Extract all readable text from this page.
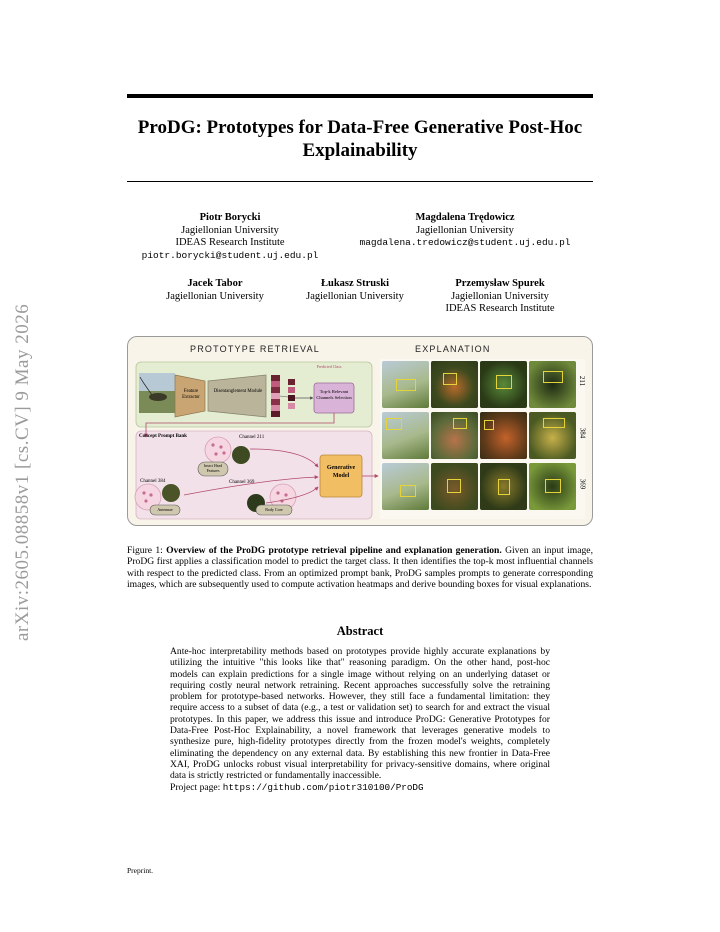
arXiv:2605.08858v1 [cs.CV] 9 May 2026
ProDG: Prototypes for Data-Free Generative Post-Hoc Explainability
Piotr Borycki
Jagiellonian University
IDEAS Research Institute
piotr.borycki@student.uj.edu.pl
Magdalena Trędowicz
Jagiellonian University
magdalena.tredowicz@student.uj.edu.pl
Jacek Tabor
Jagiellonian University
Łukasz Struski
Jagiellonian University
Przemysław Spurek
Jagiellonian University
IDEAS Research Institute
PROTOTYPE RETRIEVAL	EXPLANATION
Feature Extractor
Disentanglement Module
Predicted Class
Top-k Relevant Channels Selection
Concept Prompt Bank	Channel 211
Channel 384	Channel 369
Insect Head Features
Antennae	Body Core
Generative Model
211
384
369
Figure 1: Overview of the ProDG prototype retrieval pipeline and explanation generation. Given an input image, ProDG first applies a classification model to predict the target class. It then identifies the top-k most influential channels with respect to the predicted class. From an optimized prompt bank, ProDG samples prompts to generate corresponding images, which are subsequently used to compute activation heatmaps and derive bounding boxes for visual explanations.
Abstract
Ante-hoc interpretability methods based on prototypes provide highly accurate explanations by utilizing the intuitive "this looks like that" reasoning paradigm. On the other hand, post-hoc models can explain predictions for a single image without relying on an underlying dataset or requiring costly neural network retraining. Recent approaches successfully solve the retraining problem for prototype-based networks. However, they still face a fundamental limitation: they require access to a subset of data (e.g., a test or validation set) to search for and extract the visual prototypes. In this paper, we address this issue and introduce ProDG: Generative Prototypes for Data-Free Post-Hoc Explainability, a novel framework that leverages generative models to synthesize pure, high-fidelity prototypes directly from the frozen model's weights, completely eliminating the dependency on any external data. By establishing this new frontier in Data-Free XAI, ProDG unlocks robust visual interpretability for privacy-sensitive domains, where original data is strictly restricted or fundamentally inaccessible.
Project page: https://github.com/piotr310100/ProDG
Preprint.
